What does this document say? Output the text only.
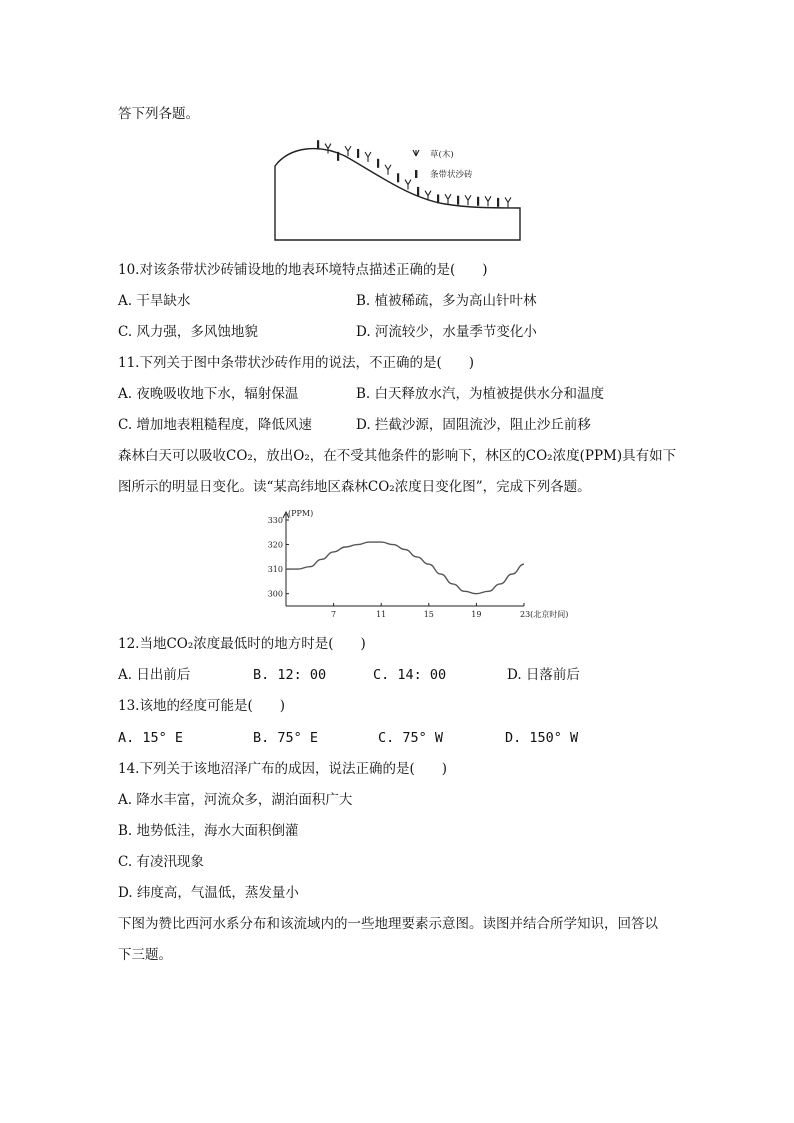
答下列各题。
草(木)
条带状沙砖
10.对该条带状沙砖铺设地的地表环境特点描述正确的是(　　)
A. 干旱缺水	B. 植被稀疏，多为高山针叶林
C. 风力强，多风蚀地貌	D. 河流较少，水量季节变化小
11.下列关于图中条带状沙砖作用的说法，不正确的是(　　)
A. 夜晚吸收地下水，辐射保温	B. 白天释放水汽，为植被提供水分和温度
C. 增加地表粗糙程度，降低风速	D. 拦截沙源，固阻流沙，阻止沙丘前移
森林白天可以吸收CO₂，放出O₂，在不受其他条件的影响下，林区的CO₂浓度(PPM)具有如下
图所示的明显日变化。读“某高纬地区森林CO₂浓度日变化图”，完成下列各题。
(PPM)
300
310
320
330
7	11	15	19	23(北京时间)
12.当地CO₂浓度最低时的地方时是(　　)
A. 日出前后	B. 12: 00	C. 14: 00	D. 日落前后
13.该地的经度可能是(　　)
A. 15° E	B. 75° E	C. 75° W	D. 150° W
14.下列关于该地沼泽广布的成因，说法正确的是(　　)
A. 降水丰富，河流众多，湖泊面积广大
B. 地势低洼，海水大面积倒灌
C. 有凌汛现象
D. 纬度高，气温低，蒸发量小
下图为赞比西河水系分布和该流域内的一些地理要素示意图。读图并结合所学知识，回答以
下三题。
